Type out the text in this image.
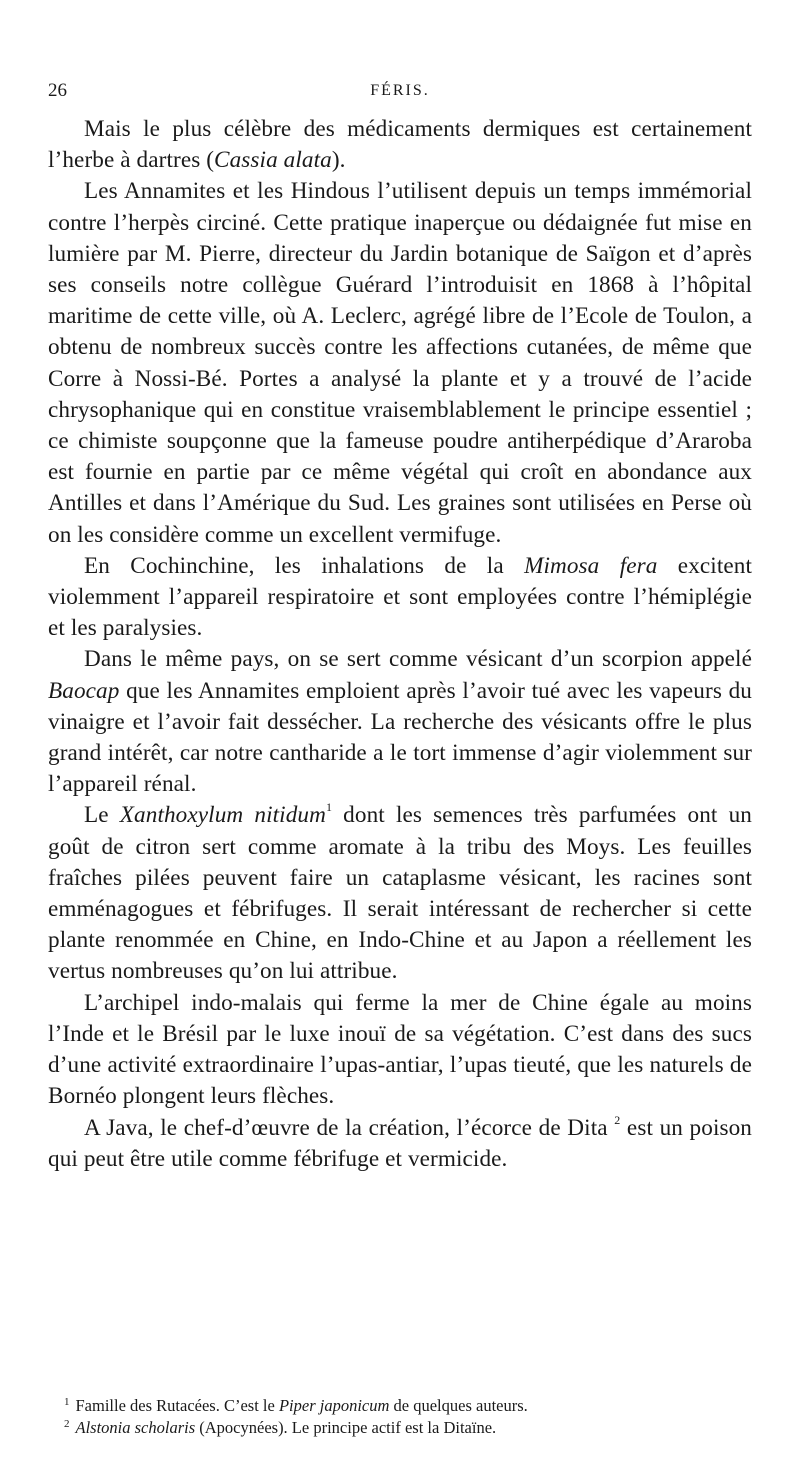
26	FÉRIS.

Mais le plus célèbre des médicaments dermiques est certainement l’herbe à dartres (Cassia alata).

Les Annamites et les Hindous l’utilisent depuis un temps immémorial contre l’herpès circiné. Cette pratique inaperçue ou dédaignée fut mise en lumière par M. Pierre, directeur du Jardin botanique de Saïgon et d’après ses conseils notre collègue Guérard l’introduisit en 1868 à l’hôpital maritime de cette ville, où A. Leclerc, agrégé libre de l’Ecole de Toulon, a obtenu de nombreux succès contre les affections cutanées, de même que Corre à Nossi-Bé. Portes a analysé la plante et y a trouvé de l’acide chrysophanique qui en constitue vraisemblablement le principe essentiel ; ce chimiste soupçonne que la fameuse poudre antiherpédique d’Araroba est fournie en partie par ce même végétal qui croît en abondance aux Antilles et dans l’Amérique du Sud. Les graines sont utilisées en Perse où on les considère comme un excellent vermifuge.

En Cochinchine, les inhalations de la Mimosa fera excitent violemment l’appareil respiratoire et sont employées contre l’hémiplégie et les paralysies.

Dans le même pays, on se sert comme vésicant d’un scorpion appelé Baocap que les Annamites emploient après l’avoir tué avec les vapeurs du vinaigre et l’avoir fait dessécher. La recherche des vésicants offre le plus grand intérêt, car notre cantharide a le tort immense d’agir violemment sur l’appareil rénal.

Le Xanthoxylum nitidum$^1$ dont les semences très parfumées ont un goût de citron sert comme aromate à la tribu des Moys. Les feuilles fraîches pilées peuvent faire un cataplasme vésicant, les racines sont emménagogues et fébrifuges. Il serait intéressant de rechercher si cette plante renommée en Chine, en Indo-Chine et au Japon a réellement les vertus nombreuses qu’on lui attribue.

L’archipel indo-malais qui ferme la mer de Chine égale au moins l’Inde et le Brésil par le luxe inouï de sa végétation. C’est dans des sucs d’une activité extraordinaire l’upas-antiar, l’upas tieuté, que les naturels de Bornéo plongent leurs flèches.

A Java, le chef-d’œuvre de la création, l’écorce de Dita $^2$ est un poison qui peut être utile comme fébrifuge et vermicide.

$^1$ Famille des Rutacées. C’est le Piper japonicum de quelques auteurs.

$^2$ Alstonia scholaris (Apocynées). Le principe actif est la Ditaïne.
